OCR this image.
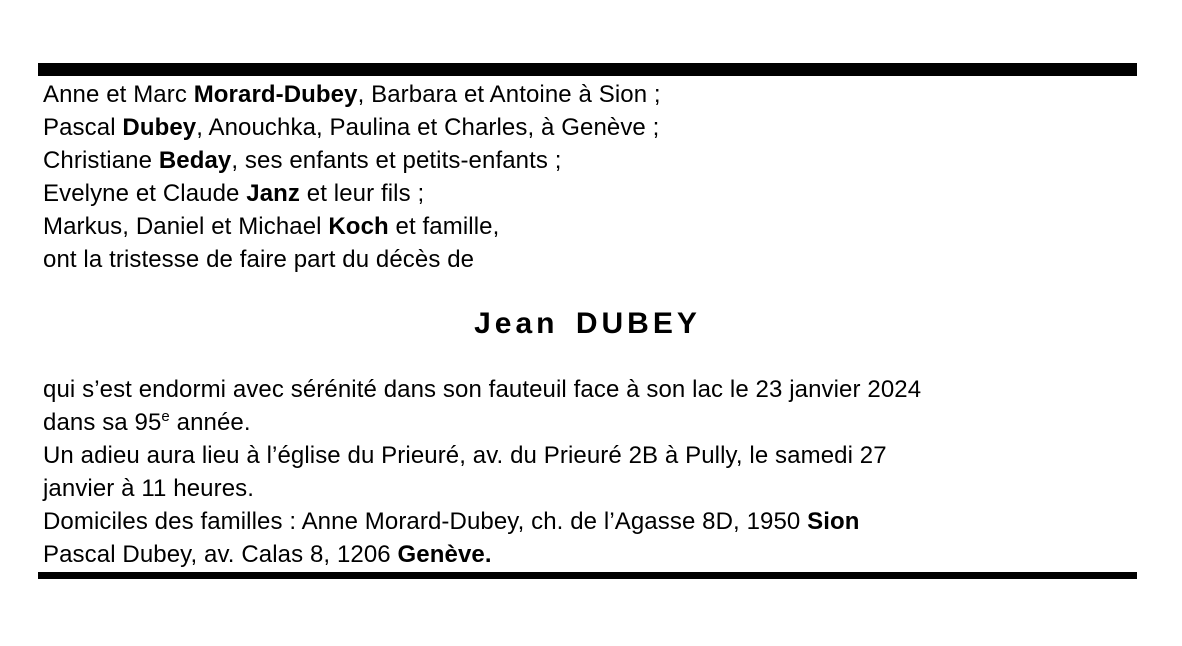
Anne et Marc Morard-Dubey, Barbara et Antoine à Sion ;

Pascal Dubey, Anouchka, Paulina et Charles, à Genève ;

Christiane Beday, ses enfants et petits-enfants ;

Evelyne et Claude Janz et leur fils ;

Markus, Daniel et Michael Koch et famille,

ont la tristesse de faire part du décès de

Jean DUBEY

qui s’est endormi avec sérénité dans son fauteuil face à son lac le 23 janvier 2024

dans sa 95e année.

Un adieu aura lieu à l’église du Prieuré, av. du Prieuré 2B à Pully, le samedi 27

janvier à 11 heures.

Domiciles des familles : Anne Morard-Dubey, ch. de l’Agasse 8D, 1950 Sion

Pascal Dubey, av. Calas 8, 1206 Genève.
